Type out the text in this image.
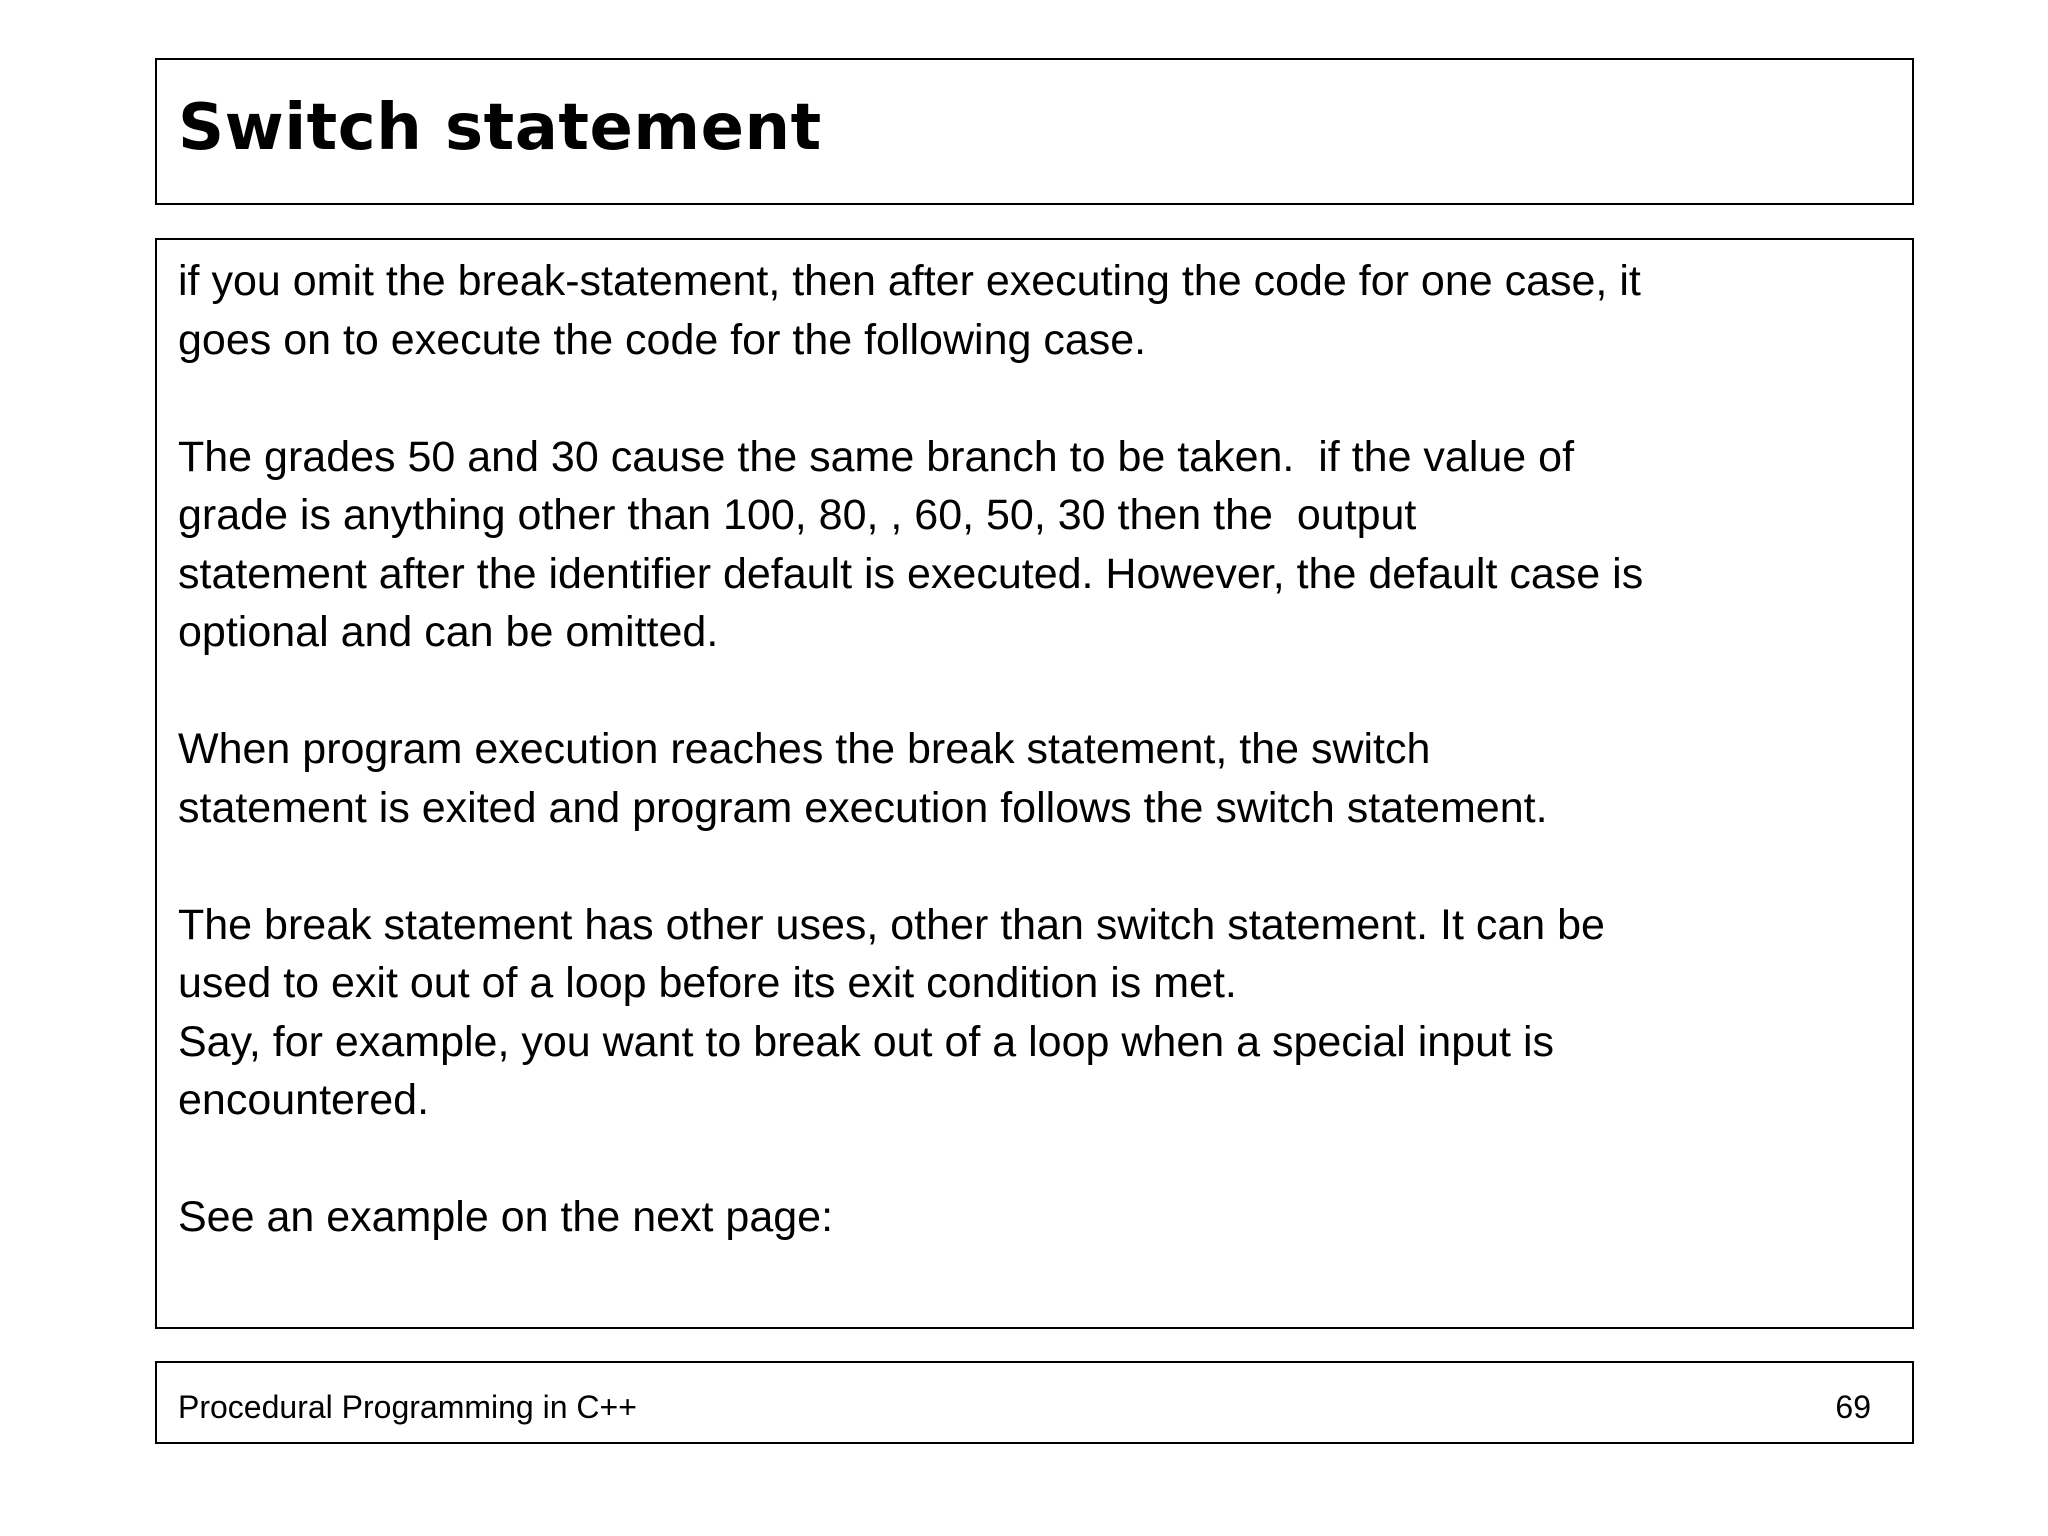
Switch statement

if you omit the break-statement, then after executing the code for one case, it
goes on to execute the code for the following case.

The grades 50 and 30 cause the same branch to be taken.  if the value of
grade is anything other than 100, 80, , 60, 50, 30 then the  output
statement after the identifier default is executed. However, the default case is
optional and can be omitted.

When program execution reaches the break statement, the switch
statement is exited and program execution follows the switch statement.

The break statement has other uses, other than switch statement. It can be
used to exit out of a loop before its exit condition is met.
Say, for example, you want to break out of a loop when a special input is
encountered.

See an example on the next page:

Procedural Programming in C++	69
